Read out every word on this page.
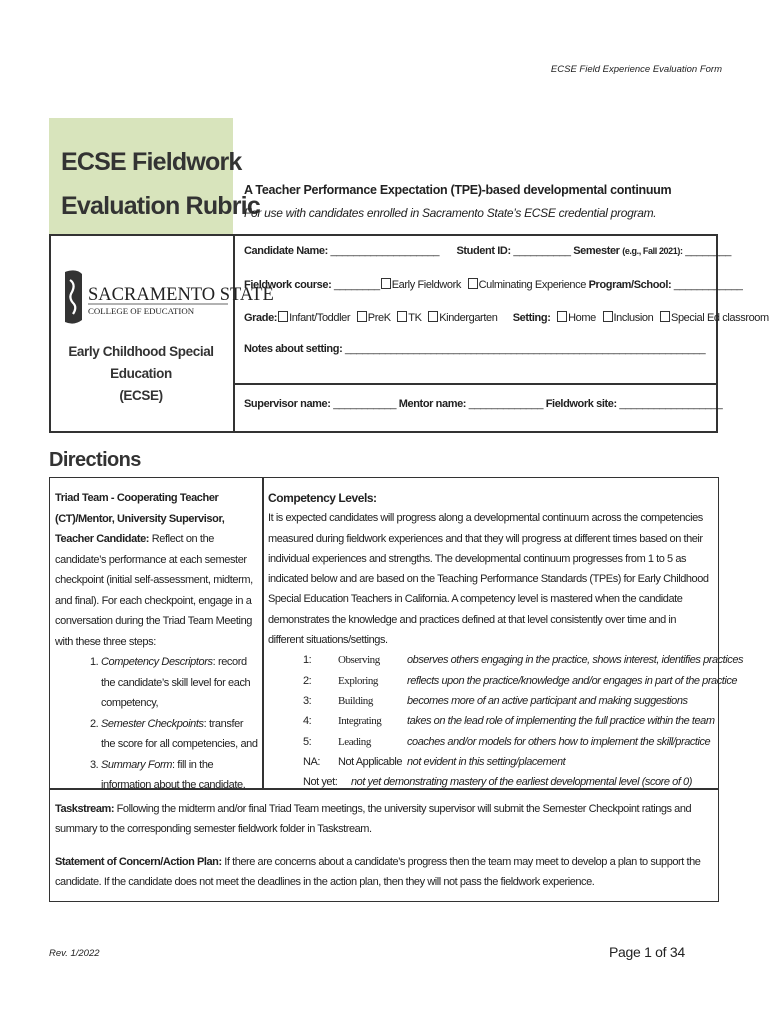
ECSE Field Experience Evaluation Form
ECSE Fieldwork
Evaluation Rubric
A Teacher Performance Expectation (TPE)-based developmental continuum
For use with candidates enrolled in Sacramento State’s ECSE credential program.
SACRAMENTO STATE
COLLEGE OF EDUCATION
Early Childhood Special Education
(ECSE)
Candidate Name: ___________________ Student ID: __________ Semester (e.g., Fall 2021): ________
Fieldwork course: ________ Early Fieldwork Culminating Experience Program/School: ____________
Grade: Infant/Toddler PreK TK Kindergarten Setting: Home Inclusion Special Ed classroom
Notes about setting: _______________________________________________________________
Supervisor name: ___________ Mentor name: _____________ Fieldwork site: __________________
Directions
Triad Team - Cooperating Teacher (CT)/Mentor, University Supervisor, Teacher Candidate: Reflect on the candidate’s performance at each semester checkpoint (initial self-assessment, midterm, and final). For each checkpoint, engage in a conversation during the Triad Team Meeting with these three steps:
1. Competency Descriptors: record the candidate’s skill level for each competency,
2. Semester Checkpoints: transfer the score for all competencies, and
3. Summary Form: fill in the information about the candidate.
Competency Levels:
It is expected candidates will progress along a developmental continuum across the competencies measured during fieldwork experiences and that they will progress at different times based on their individual experiences and strengths. The developmental continuum progresses from 1 to 5 as indicated below and are based on the Teaching Performance Standards (TPEs) for Early Childhood Special Education Teachers in California. A competency level is mastered when the candidate demonstrates the knowledge and practices defined at that level consistently over time and in different situations/settings.
1: Observing observes others engaging in the practice, shows interest, identifies practices
2: Exploring	reflects upon the practice/knowledge and/or engages in part of the practice
3: Building	becomes more of an active participant and making suggestions
4: Integrating takes on the lead role of implementing the full practice within the team
5: Leading	coaches and/or models for others how to implement the skill/practice
NA: Not Applicable not evident in this setting/placement
Not yet: not yet demonstrating mastery of the earliest developmental level (score of 0)
Taskstream: Following the midterm and/or final Triad Team meetings, the university supervisor will submit the Semester Checkpoint ratings and summary to the corresponding semester fieldwork folder in Taskstream.
Statement of Concern/Action Plan: If there are concerns about a candidate’s progress then the team may meet to develop a plan to support the candidate. If the candidate does not meet the deadlines in the action plan, then they will not pass the fieldwork experience.
Rev. 1/2022	Page 1 of 34
